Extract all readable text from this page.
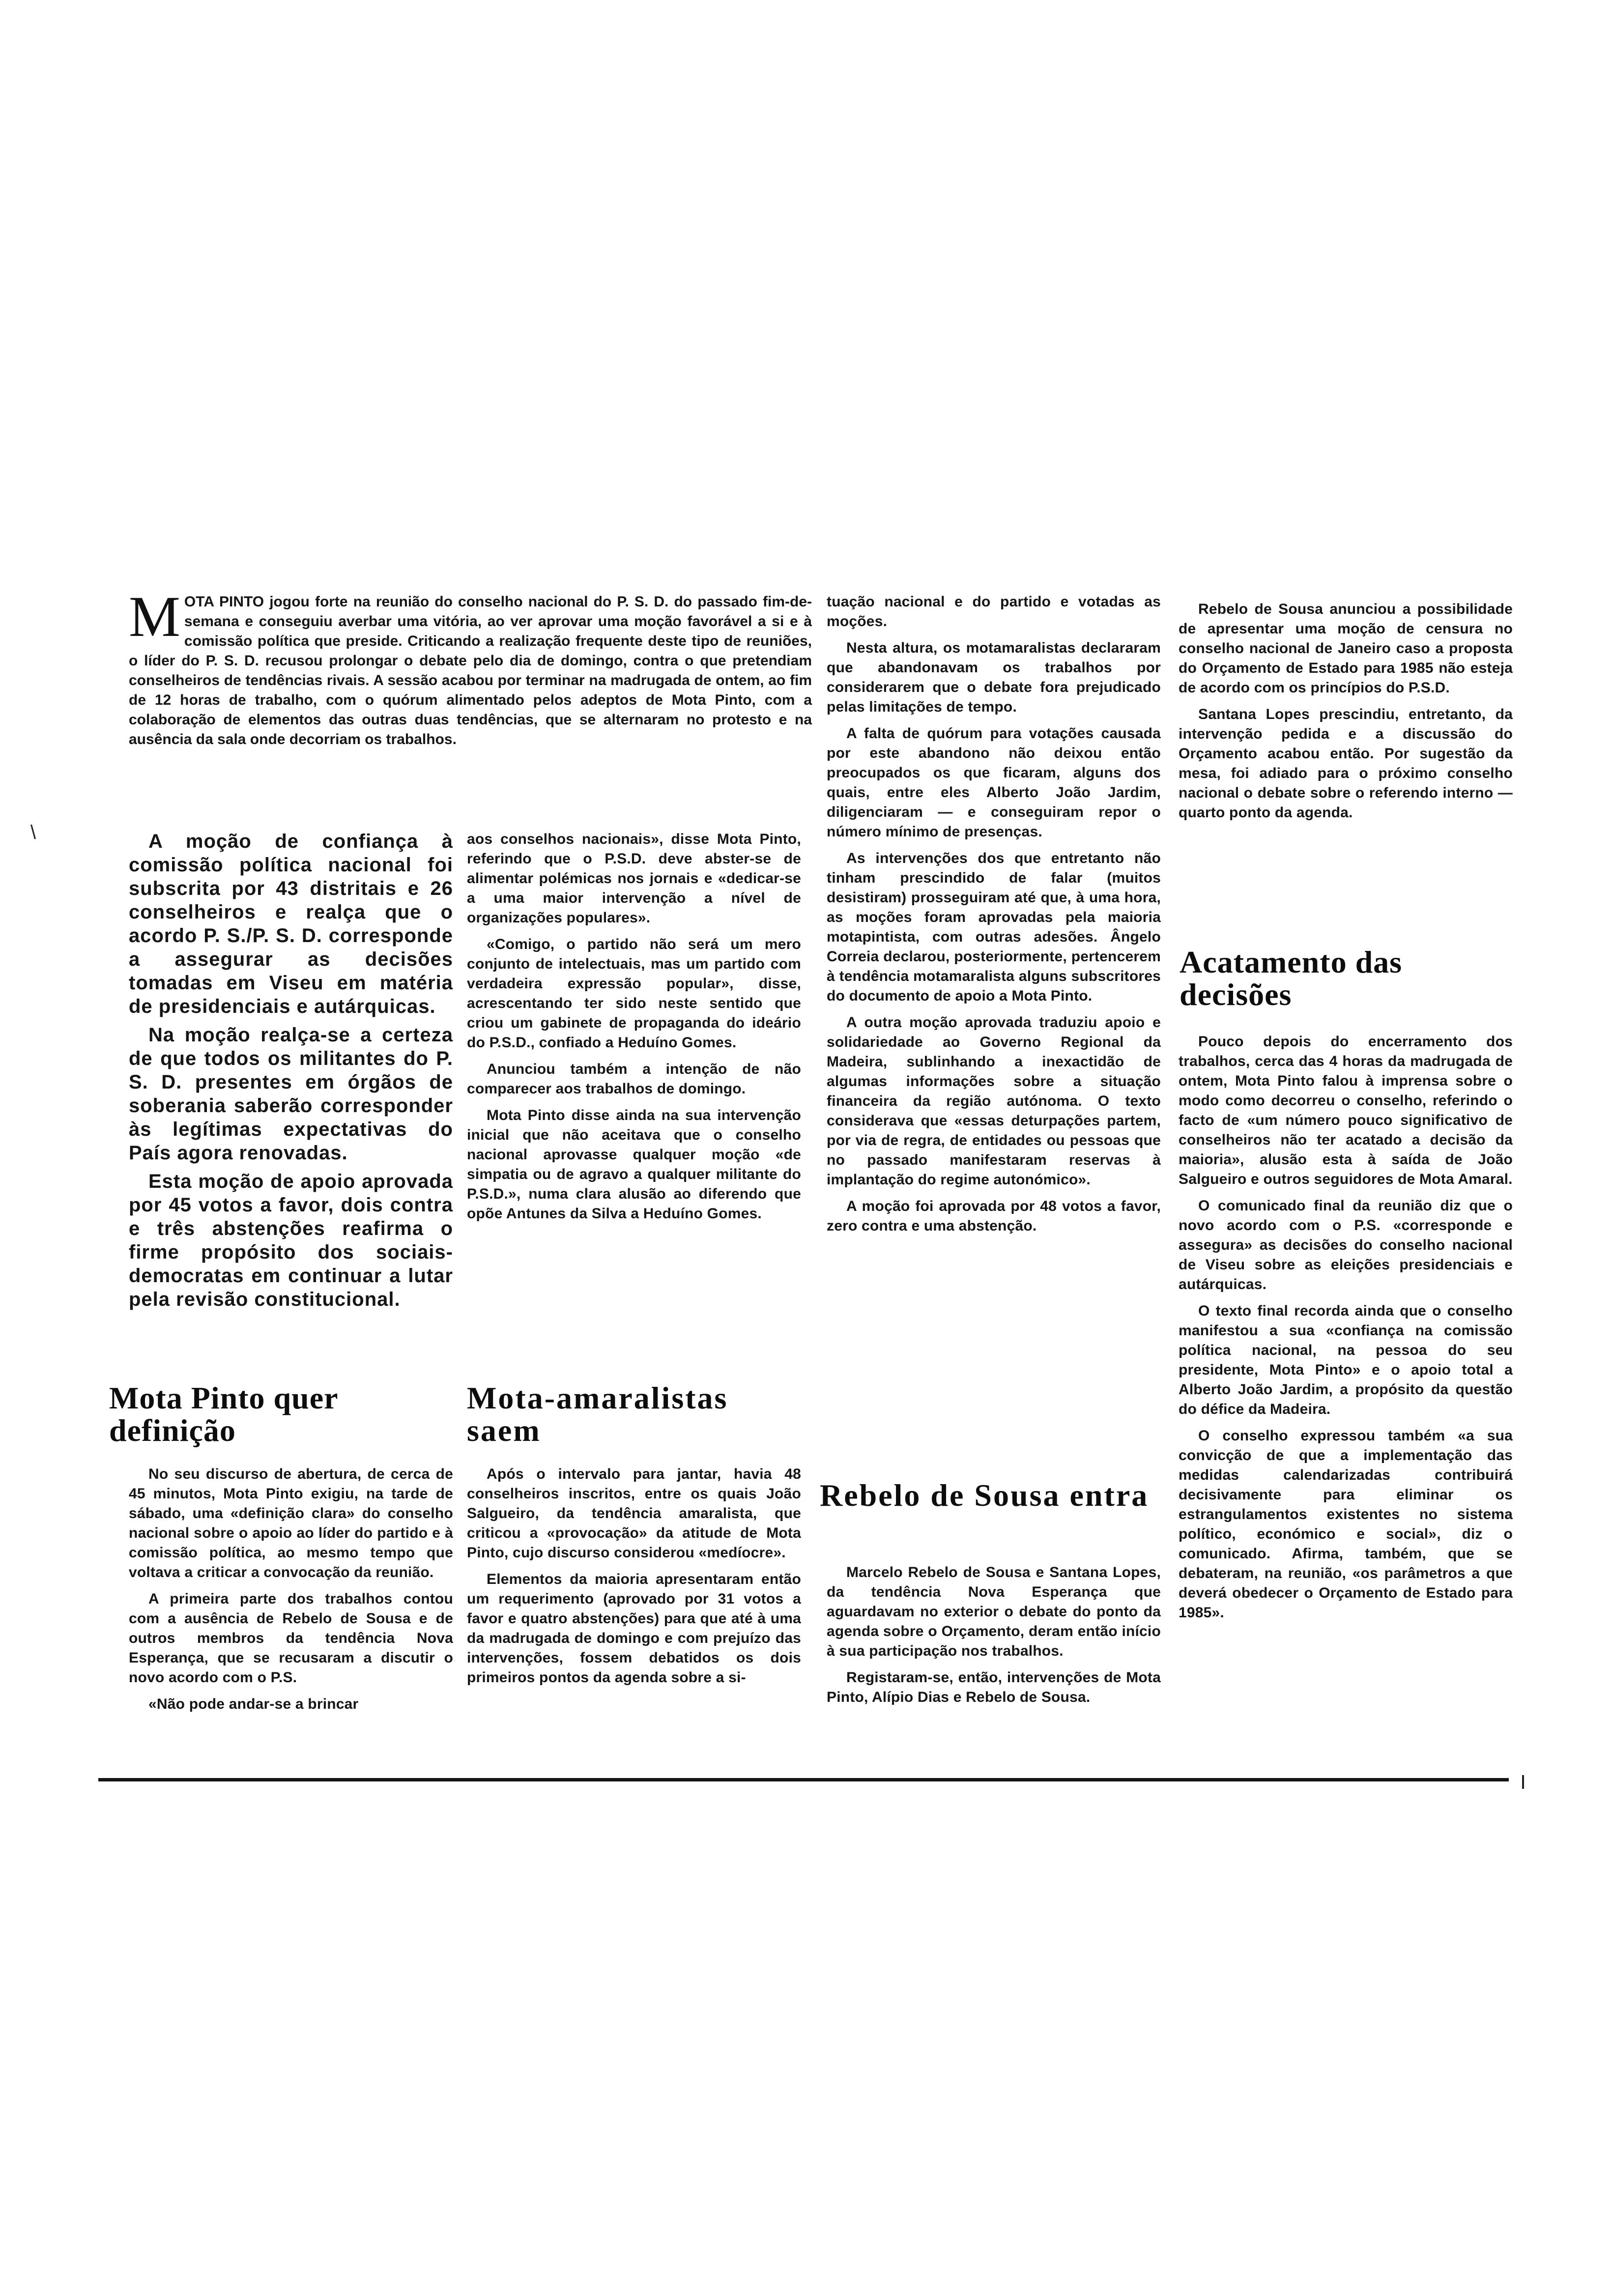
MOTA PINTO jogou forte na reunião do conselho nacional do P. S. D. do passado fim-de-semana e conseguiu averbar uma vitória, ao ver aprovar uma moção favorável a si e à comissão política que preside. Criticando a realização frequente deste tipo de reuniões, o líder do P. S. D. recusou prolongar o debate pelo dia de domingo, contra o que pretendiam conselheiros de tendências rivais. A sessão acabou por terminar na madrugada de ontem, ao fim de 12 horas de trabalho, com o quórum alimentado pelos adeptos de Mota Pinto, com a colaboração de elementos das outras duas tendências, que se alternaram no protesto e na ausência da sala onde decorriam os trabalhos.
\	A moção de confiança à comissão política nacional foi subscrita por 43 distritais e 26 conselheiros e realça que o acordo P. S./P. S. D. corresponde a assegurar as decisões tomadas em Viseu em matéria de presidenciais e autárquicas.

Na moção realça-se a certeza de que todos os militantes do P. S. D. presentes em órgãos de soberania saberão corresponder às legítimas expectativas do País agora renovadas.

Esta moção de apoio aprovada por 45 votos a favor, dois contra e três abstenções reafirma o firme propósito dos sociais-democratas em continuar a lutar pela revisão constitucional.

Mota Pinto quer definição

No seu discurso de abertura, de cerca de 45 minutos, Mota Pinto exigiu, na tarde de sábado, uma «definição clara» do conselho nacional sobre o apoio ao líder do partido e à comissão política, ao mesmo tempo que voltava a criticar a convocação da reunião.

A primeira parte dos trabalhos contou com a ausência de Rebelo de Sousa e de outros membros da tendência Nova Esperança, que se recusaram a discutir o novo acordo com o P.S.

«Não pode andar-se a brincar

aos conselhos nacionais», disse Mota Pinto, referindo que o P.S.D. deve abster-se de alimentar polémicas nos jornais e «dedicar-se a uma maior intervenção a nível de organizações populares».

«Comigo, o partido não será um mero conjunto de intelectuais, mas um partido com verdadeira expressão popular», disse, acrescentando ter sido neste sentido que criou um gabinete de propaganda do ideário do P.S.D., confiado a Heduíno Gomes.

Anunciou também a intenção de não comparecer aos trabalhos de domingo.

Mota Pinto disse ainda na sua intervenção inicial que não aceitava que o conselho nacional aprovasse qualquer moção «de simpatia ou de agravo a qualquer militante do P.S.D.», numa clara alusão ao diferendo que opõe Antunes da Silva a Heduíno Gomes.

Mota-amaralistas saem

Após o intervalo para jantar, havia 48 conselheiros inscritos, entre os quais João Salgueiro, da tendência amaralista, que criticou a «provocação» da atitude de Mota Pinto, cujo discurso considerou «medíocre».

Elementos da maioria apresentaram então um requerimento (aprovado por 31 votos a favor e quatro abstenções) para que até à uma da madrugada de domingo e com prejuízo das intervenções, fossem debatidos os dois primeiros pontos da agenda sobre a si-

tuação nacional e do partido e votadas as moções.

Nesta altura, os motamaralistas declararam que abandonavam os trabalhos por considerarem que o debate fora prejudicado pelas limitações de tempo.

A falta de quórum para votações causada por este abandono não deixou então preocupados os que ficaram, alguns dos quais, entre eles Alberto João Jardim, diligenciaram — e conseguiram repor o número mínimo de presenças.

As intervenções dos que entretanto não tinham prescindido de falar (muitos desistiram) prosseguiram até que, à uma hora, as moções foram aprovadas pela maioria motapintista, com outras adesões. Ângelo Correia declarou, posteriormente, pertencerem à tendência motamaralista alguns subscritores do documento de apoio a Mota Pinto.

A outra moção aprovada traduziu apoio e solidariedade ao Governo Regional da Madeira, sublinhando a inexactidão de algumas informações sobre a situação financeira da região autónoma. O texto considerava que «essas deturpações partem, por via de regra, de entidades ou pessoas que no passado manifestaram reservas à implantação do regime autonómico».

A moção foi aprovada por 48 votos a favor, zero contra e uma abstenção.

Rebelo de Sousa entra

Marcelo Rebelo de Sousa e Santana Lopes, da tendência Nova Esperança que aguardavam no exterior o debate do ponto da agenda sobre o Orçamento, deram então início à sua participação nos trabalhos.

Registaram-se, então, intervenções de Mota Pinto, Alípio Dias e Rebelo de Sousa.

Rebelo de Sousa anunciou a possibilidade de apresentar uma moção de censura no conselho nacional de Janeiro caso a proposta do Orçamento de Estado para 1985 não esteja de acordo com os princípios do P.S.D.

Santana Lopes prescindiu, entretanto, da intervenção pedida e a discussão do Orçamento acabou então. Por sugestão da mesa, foi adiado para o próximo conselho nacional o debate sobre o referendo interno — quarto ponto da agenda.

Acatamento das decisões

Pouco depois do encerramento dos trabalhos, cerca das 4 horas da madrugada de ontem, Mota Pinto falou à imprensa sobre o modo como decorreu o conselho, referindo o facto de «um número pouco significativo de conselheiros não ter acatado a decisão da maioria», alusão esta à saída de João Salgueiro e outros seguidores de Mota Amaral.

O comunicado final da reunião diz que o novo acordo com o P.S. «corresponde e assegura» as decisões do conselho nacional de Viseu sobre as eleições presidenciais e autárquicas.

O texto final recorda ainda que o conselho manifestou a sua «confiança na comissão política nacional, na pessoa do seu presidente, Mota Pinto» e o apoio total a Alberto João Jardim, a propósito da questão do défice da Madeira.

O conselho expressou também «a sua convicção de que a implementação das medidas calendarizadas contribuirá decisivamente para eliminar os estrangulamentos existentes no sistema político, económico e social», diz o comunicado. Afirma, também, que se debateram, na reunião, «os parâmetros a que deverá obedecer o Orçamento de Estado para 1985».
